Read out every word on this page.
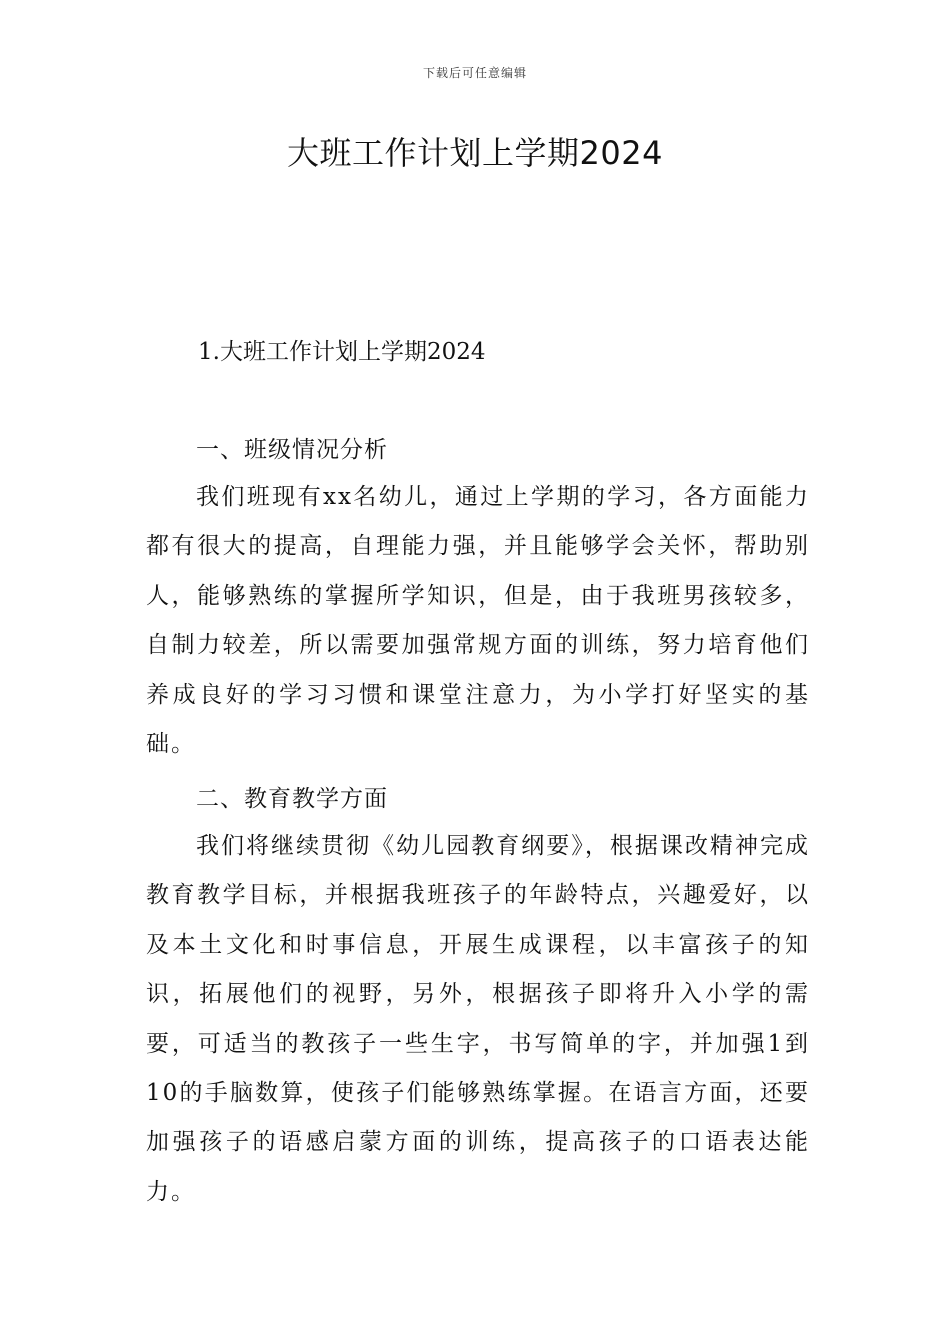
下载后可任意编辑
大班工作计划上学期2024

1.大班工作计划上学期2024

一、班级情况分析

我们班现有xx名幼儿，通过上学期的学习，各方面能力都有很大的提高，自理能力强，并且能够学会关怀，帮助别人，能够熟练的掌握所学知识，但是，由于我班男孩较多，自制力较差，所以需要加强常规方面的训练，努力培育他们养成良好的学习习惯和课堂注意力，为小学打好坚实的基础。

二、教育教学方面

我们将继续贯彻《幼儿园教育纲要》，根据课改精神完成教育教学目标，并根据我班孩子的年龄特点，兴趣爱好，以及本土文化和时事信息，开展生成课程，以丰富孩子的知识，拓展他们的视野，另外，根据孩子即将升入小学的需要，可适当的教孩子一些生字，书写简单的字，并加强1到10的手脑数算，使孩子们能够熟练掌握。在语言方面，还要加强孩子的语感启蒙方面的训练，提高孩子的口语表达能力。
